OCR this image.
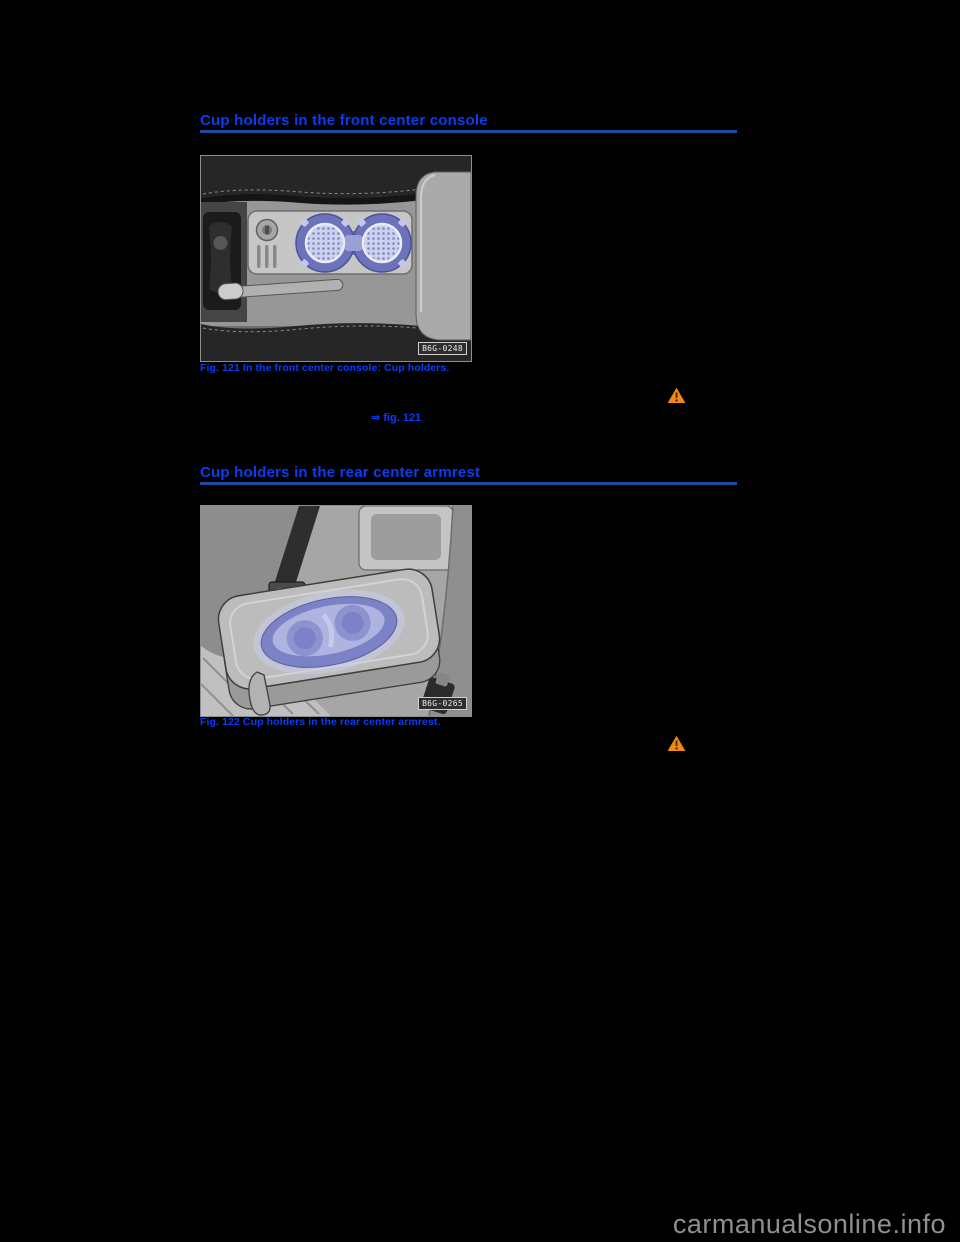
Cup holders in the front center console
B6G-0248

Fig. 121 In the front center console: Cup holders.

⇒ fig. 121
Cup holders in the rear center armrest
B6G-0265

Fig. 122 Cup holders in the rear center armrest.

carmanualsonline.info
